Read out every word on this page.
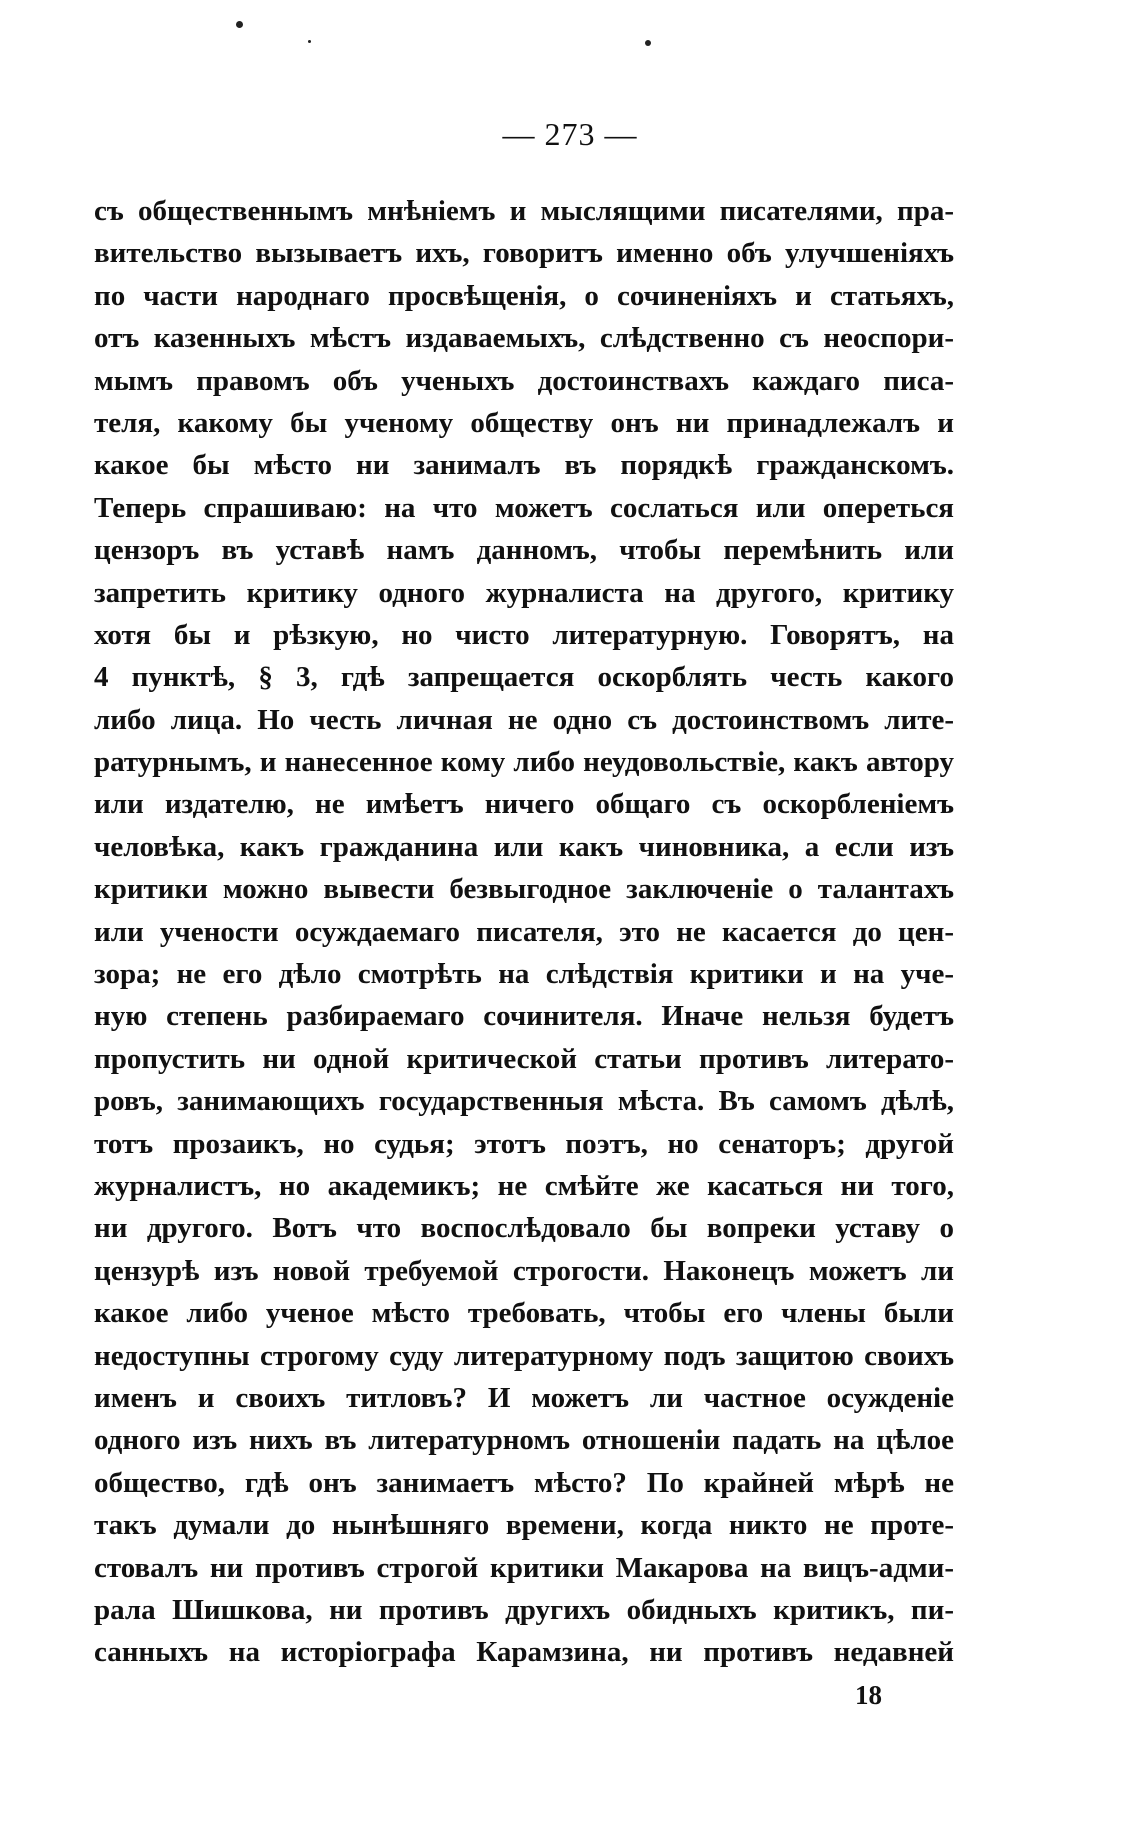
— 273 —
съ общественнымъ мнѣніемъ и мыслящими писателями, пра-
вительство вызываетъ ихъ, говоритъ именно объ улучшеніяхъ
по части народнаго просвѣщенія, о сочиненіяхъ и статьяхъ,
отъ казенныхъ мѣстъ издаваемыхъ, слѣдственно съ неоспори-
мымъ правомъ объ ученыхъ достоинствахъ каждаго писа-
теля, какому бы ученому обществу онъ ни принадлежалъ и
какое бы мѣсто ни занималъ въ порядкѣ гражданскомъ.
Теперь спрашиваю: на что можетъ сослаться или опереться
цензоръ въ уставѣ намъ данномъ, чтобы перемѣнить или
запретить критику одного журналиста на другого, критику
хотя бы и рѣзкую, но чисто литературную. Говорятъ, на
4 пунктѣ, § 3, гдѣ запрещается оскорблять честь какого
либо лица. Но честь личная не одно съ достоинствомъ лите-
ратурнымъ, и нанесенное кому либо неудовольствіе, какъ автору
или издателю, не имѣетъ ничего общаго съ оскорбленіемъ
человѣка, какъ гражданина или какъ чиновника, а если изъ
критики можно вывести безвыгодное заключеніе о талантахъ
или учености осуждаемаго писателя, это не касается до цен-
зора; не его дѣло смотрѣть на слѣдствія критики и на уче-
ную степень разбираемаго сочинителя. Иначе нельзя будетъ
пропустить ни одной критической статьи противъ литерато-
ровъ, занимающихъ государственныя мѣста. Въ самомъ дѣлѣ,
тотъ прозаикъ, но судья; этотъ поэтъ, но сенаторъ; другой
журналистъ, но академикъ; не смѣйте же касаться ни того,
ни другого. Вотъ что воспослѣдовало бы вопреки уставу о
цензурѣ изъ новой требуемой строгости. Наконецъ можетъ ли
какое либо ученое мѣсто требовать, чтобы его члены были
недоступны строгому суду литературному подъ защитою своихъ
именъ и своихъ титловъ? И можетъ ли частное осужденіе
одного изъ нихъ въ литературномъ отношеніи падать на цѣлое
общество, гдѣ онъ занимаетъ мѣсто? По крайней мѣрѣ не
такъ думали до нынѣшняго времени, когда никто не проте-
стовалъ ни противъ строгой критики Макарова на вицъ-адми-
рала Шишкова, ни противъ другихъ обидныхъ критикъ, пи-
санныхъ на исторіографа Карамзина, ни противъ недавней
18
